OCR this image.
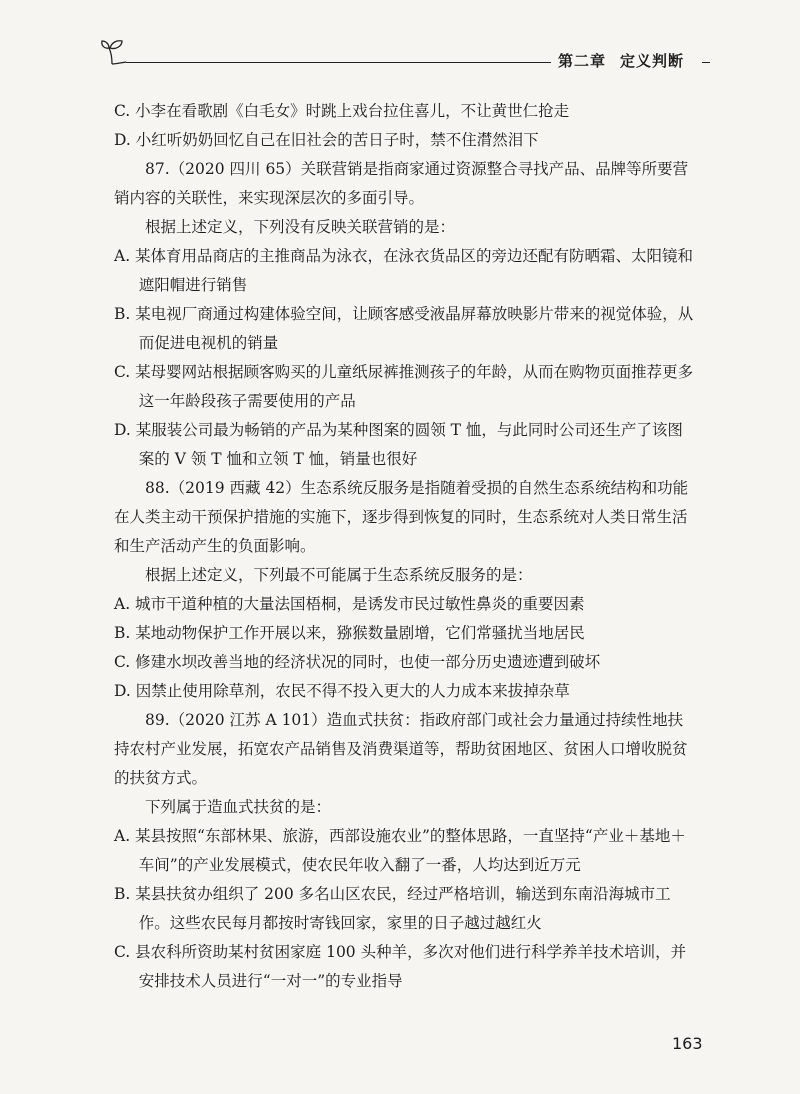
第二章 定义判断

C. 小李在看歌剧《白毛女》时跳上戏台拉住喜儿，不让黄世仁抢走

D. 小红听奶奶回忆自己在旧社会的苦日子时，禁不住潸然泪下

87.（2020 四川 65）关联营销是指商家通过资源整合寻找产品、品牌等所要营销内容的关联性，来实现深层次的多面引导。

根据上述定义，下列没有反映关联营销的是：

A. 某体育用品商店的主推商品为泳衣，在泳衣货品区的旁边还配有防晒霜、太阳镜和遮阳帽进行销售

B. 某电视厂商通过构建体验空间，让顾客感受液晶屏幕放映影片带来的视觉体验，从而促进电视机的销量

C. 某母婴网站根据顾客购买的儿童纸尿裤推测孩子的年龄，从而在购物页面推荐更多这一年龄段孩子需要使用的产品

D. 某服装公司最为畅销的产品为某种图案的圆领 T 恤，与此同时公司还生产了该图案的 V 领 T 恤和立领 T 恤，销量也很好

88.（2019 西藏 42）生态系统反服务是指随着受损的自然生态系统结构和功能在人类主动干预保护措施的实施下，逐步得到恢复的同时，生态系统对人类日常生活和生产活动产生的负面影响。

根据上述定义，下列最不可能属于生态系统反服务的是：

A. 城市干道种植的大量法国梧桐，是诱发市民过敏性鼻炎的重要因素

B. 某地动物保护工作开展以来，猕猴数量剧增，它们常骚扰当地居民

C. 修建水坝改善当地的经济状况的同时，也使一部分历史遗迹遭到破坏

D. 因禁止使用除草剂，农民不得不投入更大的人力成本来拔掉杂草

89.（2020 江苏 A 101）造血式扶贫：指政府部门或社会力量通过持续性地扶持农村产业发展，拓宽农产品销售及消费渠道等，帮助贫困地区、贫困人口增收脱贫的扶贫方式。

下列属于造血式扶贫的是：

A. 某县按照“东部林果、旅游，西部设施农业”的整体思路，一直坚持“产业＋基地＋车间”的产业发展模式，使农民年收入翻了一番，人均达到近万元

B. 某县扶贫办组织了 200 多名山区农民，经过严格培训，输送到东南沿海城市工作。这些农民每月都按时寄钱回家，家里的日子越过越红火

C. 县农科所资助某村贫困家庭 100 头种羊，多次对他们进行科学养羊技术培训，并安排技术人员进行“一对一”的专业指导

163
